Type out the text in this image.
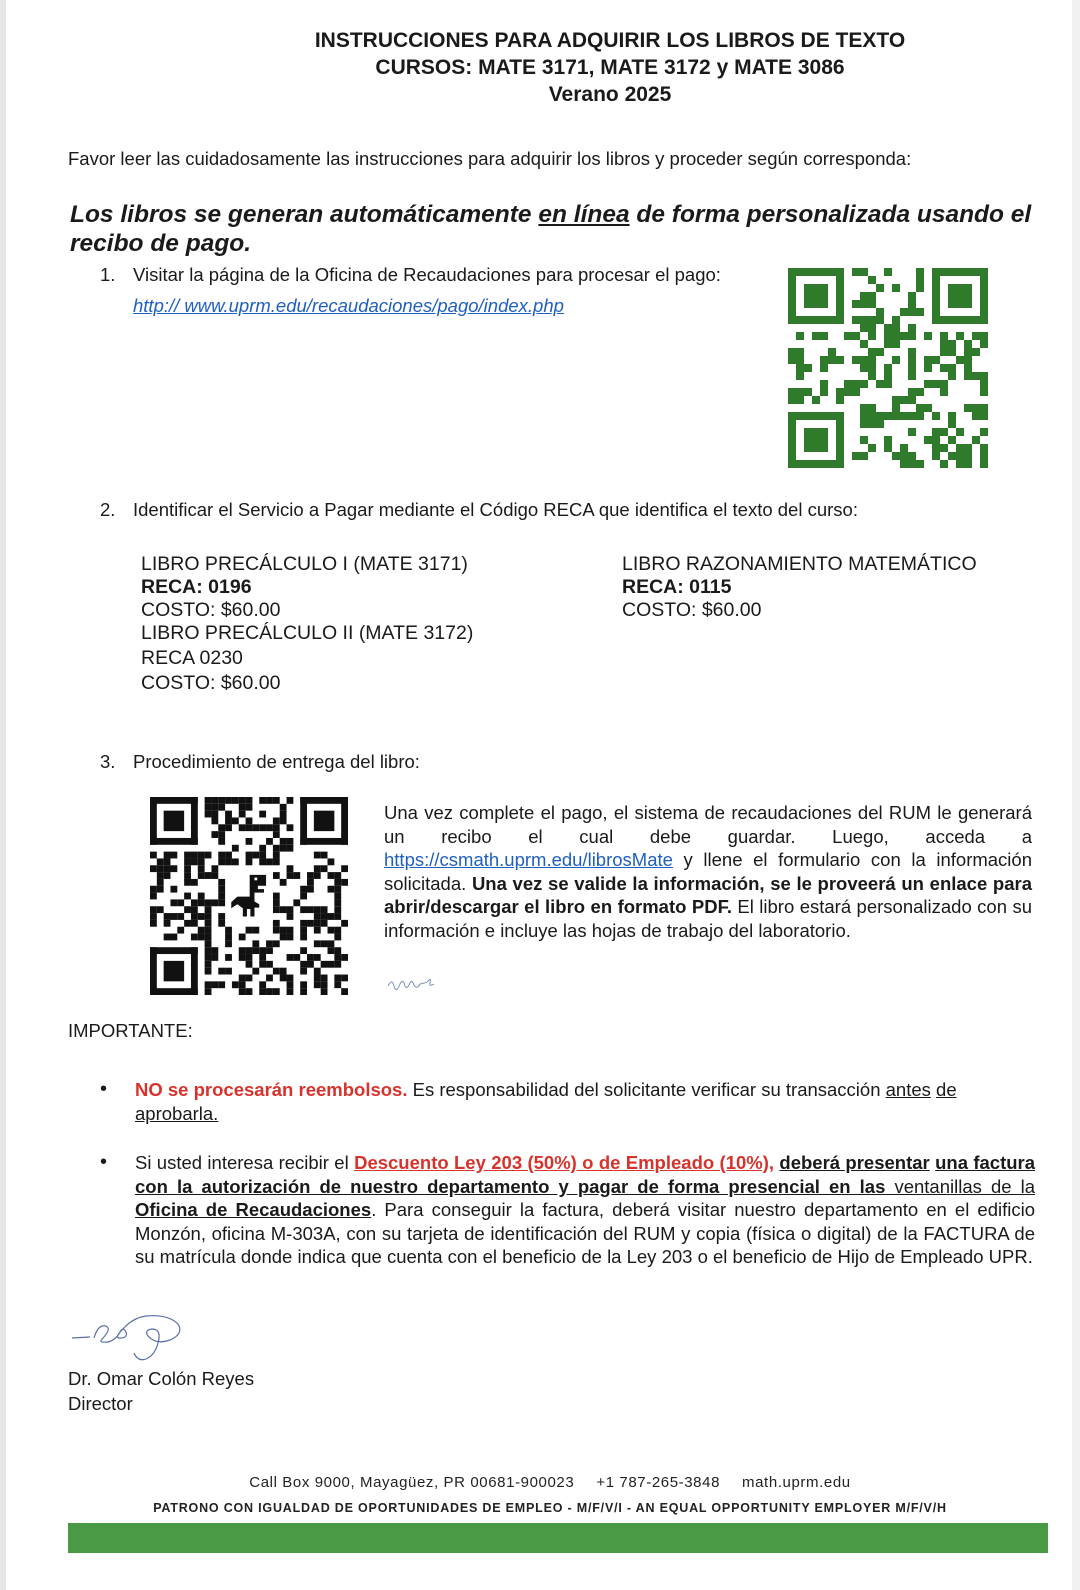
INSTRUCCIONES PARA ADQUIRIR LOS LIBROS DE TEXTO
CURSOS: MATE 3171, MATE 3172 y MATE 3086
Verano 2025
Favor leer las cuidadosamente las instrucciones para adquirir los libros y proceder según corresponda:
Los libros se generan automáticamente en línea de forma personalizada usando el recibo de pago.
1. Visitar la página de la Oficina de Recaudaciones para procesar el pago:
http:// www.uprm.edu/recaudaciones/pago/index.php
2. Identificar el Servicio a Pagar mediante el Código RECA que identifica el texto del curso:
LIBRO PRECÁLCULO I (MATE 3171)
RECA: 0196
COSTO: $60.00
LIBRO PRECÁLCULO II (MATE 3172)
RECA 0230
COSTO: $60.00
LIBRO RAZONAMIENTO MATEMÁTICO
RECA: 0115
COSTO: $60.00
3. Procedimiento de entrega del libro:
Una vez complete el pago, el sistema de recaudaciones del RUM le generará un recibo el cual debe guardar. Luego, acceda a https://csmath.uprm.edu/librosMate y llene el formulario con la información solicitada. Una vez se valide la información, se le proveerá un enlace para abrir/descargar el libro en formato PDF. El libro estará personalizado con su información e incluye las hojas de trabajo del laboratorio.
IMPORTANTE:
• NO se procesarán reembolsos. Es responsabilidad del solicitante verificar su transacción antes de aprobarla.
• Si usted interesa recibir el Descuento Ley 203 (50%) o de Empleado (10%), deberá presentar una factura con la autorización de nuestro departamento y pagar de forma presencial en las ventanillas de la Oficina de Recaudaciones. Para conseguir la factura, deberá visitar nuestro departamento en el edificio Monzón, oficina M-303A, con su tarjeta de identificación del RUM y copia (física o digital) de la FACTURA de su matrícula donde indica que cuenta con el beneficio de la Ley 203 o el beneficio de Hijo de Empleado UPR.
Dr. Omar Colón Reyes
Director
Call Box 9000, Mayagüez, PR 00681-900023 +1 787-265-3848 math.uprm.edu
PATRONO CON IGUALDAD DE OPORTUNIDADES DE EMPLEO - M/F/V/I - AN EQUAL OPPORTUNITY EMPLOYER M/F/V/H
